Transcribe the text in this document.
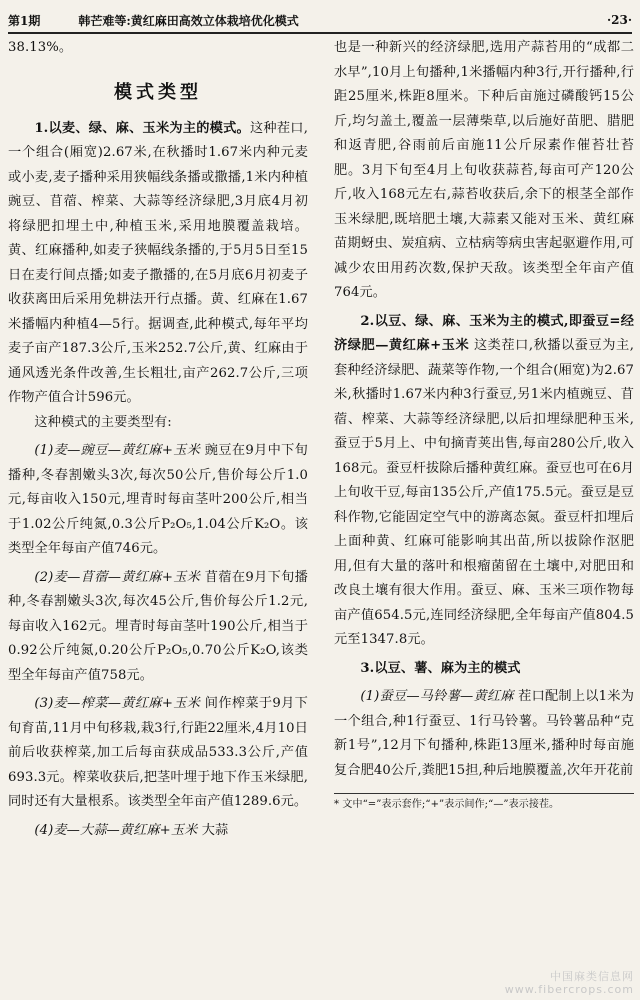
第1期	韩芒难等:黄红麻田高效立体栽培优化模式	·23·

38.13%。

模式类型

1.以麦、绿、麻、玉米为主的模式。这种茬口,一个组合(厢宽)2.67米,在秋播时1.67米内种元麦或小麦,麦子播种采用狭幅线条播或撒播,1米内种植豌豆、苜蓿、榨菜、大蒜等经济绿肥,3月底4月初将绿肥扣埋土中,种植玉米,采用地膜覆盖栽培。黄、红麻播种,如麦子狭幅线条播的,于5月5日至15日在麦行间点播;如麦子撒播的,在5月底6月初麦子收获离田后采用免耕法开行点播。黄、红麻在1.67米播幅内种植4—5行。据调查,此种模式,每年平均麦子亩产187.3公斤,玉米252.7公斤,黄、红麻由于通风透光条件改善,生长粗壮,亩产262.7公斤,三项作物产值合计596元。

这种模式的主要类型有:

(1)麦—豌豆—黄红麻+玉米 豌豆在9月中下旬播种,冬春割嫩头3次,每次50公斤,售价每公斤1.0元,每亩收入150元,埋青时每亩茎叶200公斤,相当于1.02公斤纯氮,0.3公斤P₂O₅,1.04公斤K₂O。该类型全年每亩产值746元。

(2)麦—苜蓿—黄红麻+玉米 苜蓿在9月下旬播种,冬春割嫩头3次,每次45公斤,售价每公斤1.2元,每亩收入162元。埋青时每亩茎叶190公斤,相当于0.92公斤纯氮,0.20公斤P₂O₅,0.70公斤K₂O,该类型全年每亩产值758元。

(3)麦—榨菜—黄红麻+玉米 间作榨菜于9月下旬育苗,11月中旬移栽,栽3行,行距22厘米,4月10日前后收获榨菜,加工后每亩获成品533.3公斤,产值693.3元。榨菜收获后,把茎叶埋于地下作玉米绿肥,同时还有大量根系。该类型全年亩产值1289.6元。

(4)麦—大蒜—黄红麻+玉米 大蒜

也是一种新兴的经济绿肥,选用产蒜苔用的“成都二水早”,10月上旬播种,1米播幅内种3行,开行播种,行距25厘米,株距8厘米。下种后亩施过磷酸钙15公斤,均匀盖土,覆盖一层薄柴草,以后施好苗肥、腊肥和返青肥,谷雨前后亩施11公斤尿素作催苔壮苔肥。3月下旬至4月上旬收获蒜苔,每亩可产120公斤,收入168元左右,蒜苔收获后,余下的根茎全部作玉米绿肥,既培肥土壤,大蒜素又能对玉米、黄红麻苗期蚜虫、炭疽病、立枯病等病虫害起驱避作用,可减少农田用药次数,保护天敌。该类型全年亩产值764元。

2.以豆、绿、麻、玉米为主的模式,即蚕豆=经济绿肥—黄红麻+玉米 这类茬口,秋播以蚕豆为主,套种经济绿肥、蔬菜等作物,一个组合(厢宽)为2.67米,秋播时1.67米内种3行蚕豆,另1米内植豌豆、苜蓿、榨菜、大蒜等经济绿肥,以后扣埋绿肥种玉米,蚕豆于5月上、中旬摘青荚出售,每亩280公斤,收入168元。蚕豆杆拔除后播种黄红麻。蚕豆也可在6月上旬收干豆,每亩135公斤,产值175.5元。蚕豆是豆科作物,它能固定空气中的游离态氮。蚕豆杆扣埋后上面种黄、红麻可能影响其出苗,所以拔除作沤肥用,但有大量的落叶和根瘤菌留在土壤中,对肥田和改良土壤有很大作用。蚕豆、麻、玉米三项作物每亩产值654.5元,连同经济绿肥,全年每亩产值804.5元至1347.8元。

3.以豆、薯、麻为主的模式

(1)蚕豆—马铃薯—黄红麻 茬口配制上以1米为一个组合,种1行蚕豆、1行马铃薯。马铃薯品种“克新1号”,12月下旬播种,株距13厘米,播种时每亩施复合肥40公斤,粪肥15担,种后地膜覆盖,次年开花前

* 文中“=”表示套作;“+”表示间作;“—”表示接茬。
中国麻类信息网
www.fibercrops.com
